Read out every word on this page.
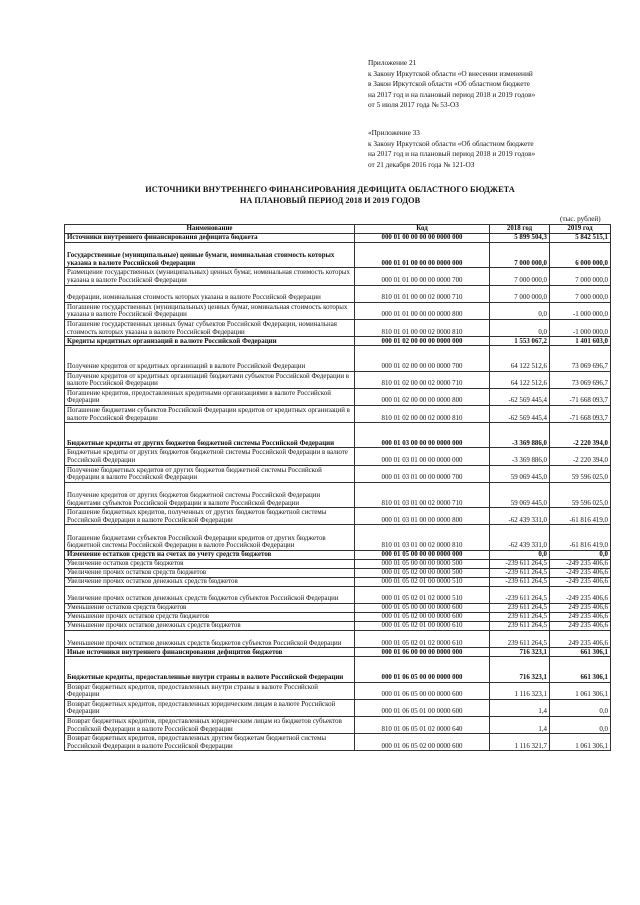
Приложение 21
к Закону Иркутской области «О внесении изменений
в Закон Иркутской области «Об областном бюджете
на 2017 год и на плановый период 2018 и 2019 годов»
от 5 июля 2017 года № 53-ОЗ
«Приложение 33
к Закону Иркутской области «Об областном бюджете
на 2017 год и на плановый период 2018 и 2019 годов»
от 21 декабря 2016 года № 121-ОЗ
ИСТОЧНИКИ ВНУТРЕННЕГО ФИНАНСИРОВАНИЯ ДЕФИЦИТА ОБЛАСТНОГО БЮДЖЕТА
НА ПЛАНОВЫЙ ПЕРИОД 2018 И 2019 ГОДОВ
(тыс. рублей)
Наименование	Код	2018 год	2019 год
Источники внутреннего финансирования дефицита бюджета	000 01 00 00 00 00 0000 000	5 899 504,3	5 842 515,1
Государственные (муниципальные) ценные бумаги, номинальная стоимость которых указана в валюте Российской Федерации	000 01 01 00 00 00 0000 000	7 000 000,0	6 000 000,0
Размещение государственных (муниципальных) ценных бумаг, номинальная стоимость которых указана в валюте Российской Федерации	000 01 01 00 00 00 0000 700	7 000 000,0	7 000 000,0
Федерации, номинальная стоимость которых указана в валюте Российской Федерации	810 01 01 00 00 02 0000 710	7 000 000,0	7 000 000,0
Погашение государственных (муниципальных) ценных бумаг, номинальная стоимость которых указана в валюте Российской Федерации	000 01 01 00 00 00 0000 800	0,0	-1 000 000,0
Погашение государственных ценных бумаг субъектов Российской Федерации, номинальная стоимость которых указана в валюте Российской Федерации	810 01 01 00 00 02 0000 810	0,0	-1 000 000,0
Кредиты кредитных организаций в валюте Российской Федерации	000 01 02 00 00 00 0000 000	1 553 067,2	1 401 603,0
Получение кредитов от кредитных организаций в валюте Российской Федерации	000 01 02 00 00 00 0000 700	64 122 512,6	73 069 696,7
Получение кредитов от кредитных организаций бюджетами субъектов Российской Федерации в валюте Российской Федерации	810 01 02 00 00 02 0000 710	64 122 512,6	73 069 696,7
Погашение кредитов, предоставленных кредитными организациями в валюте Российской Федерации	000 01 02 00 00 00 0000 800	-62 569 445,4	-71 668 093,7
Погашение бюджетами субъектов Российской Федерации кредитов от кредитных организаций в валюте Российской Федерации	810 01 02 00 00 02 0000 810	-62 569 445,4	-71 668 093,7
Бюджетные кредиты от других бюджетов бюджетной системы Российской Федерации	000 01 03 00 00 00 0000 000	-3 369 886,0	-2 220 394,0
Бюджетные кредиты от других бюджетов бюджетной системы Российской Федерации в валюте Российской Федерации	000 01 03 01 00 00 0000 000	-3 369 886,0	-2 220 394,0
Получение бюджетных кредитов от других бюджетов бюджетной системы Российской Федерации в валюте Российской Федерации	000 01 03 01 00 00 0000 700	59 069 445,0	59 596 025,0
Получение кредитов от других бюджетов бюджетной системы Российской Федерации бюджетами субъектов Российской Федерации в валюте Российской Федерации	810 01 03 01 00 02 0000 710	59 069 445,0	59 596 025,0
Погашение бюджетных кредитов, полученных от других бюджетов бюджетной системы Российской Федерации в валюте Российской Федерации	000 01 03 01 00 00 0000 800	-62 439 331,0	-61 816 419,0
Погашение бюджетами субъектов Российской Федерации кредитов от других бюджетов бюджетной системы Российской Федерации в валюте Российской Федерации	810 01 03 01 00 02 0000 810	-62 439 331,0	-61 816 419,0
Изменение остатков средств на счетах по учету средств бюджетов	000 01 05 00 00 00 0000 000	0,0	0,0
Увеличение остатков средств бюджетов	000 01 05 00 00 00 0000 500	-239 611 264,5	-249 235 406,6
Увеличение прочих остатков средств бюджетов	000 01 05 02 00 00 0000 500	-239 611 264,5	-249 235 406,6
Увеличение прочих остатков денежных средств бюджетов	000 01 05 02 01 00 0000 510	-239 611 264,5	-249 235 406,6
Увеличение прочих остатков денежных средств бюджетов субъектов Российской Федерации	000 01 05 02 01 02 0000 510	-239 611 264,5	-249 235 406,6
Уменьшение остатков средств бюджетов	000 01 05 00 00 00 0000 600	239 611 264,5	249 235 406,6
Уменьшение прочих остатков средств бюджетов	000 01 05 02 00 00 0000 600	239 611 264,5	249 235 406,6
Уменьшение прочих остатков денежных средств бюджетов	000 01 05 02 01 00 0000 610	239 611 264,5	249 235 406,6
Уменьшение прочих остатков денежных средств бюджетов субъектов Российской Федерации	000 01 05 02 01 02 0000 610	239 611 264,5	249 235 406,6
Иные источники внутреннего финансирования дефицитов бюджетов	000 01 06 00 00 00 0000 000	716 323,1	661 306,1
Бюджетные кредиты, предоставленные внутри страны в валюте Российской Федерации	000 01 06 05 00 00 0000 000	716 323,1	661 306,1
Возврат бюджетных кредитов, предоставленных внутри страны в валюте Российской Федерации	000 01 06 05 00 00 0000 600	1 116 323,1	1 061 306,1
Возврат бюджетных кредитов, предоставленных юридическим лицам в валюте Российской Федерации	000 01 06 05 01 00 0000 600	1,4	0,0
Возврат бюджетных кредитов, предоставленных юридическим лицам из бюджетов субъектов Российской Федерации в валюте Российской Федерации	810 01 06 05 01 02 0000 640	1,4	0,0
Возврат бюджетных кредитов, предоставленных другим бюджетам бюджетной системы Российской Федерации в валюте Российской Федерации	000 01 06 05 02 00 0000 600	1 116 321,7	1 061 306,1
